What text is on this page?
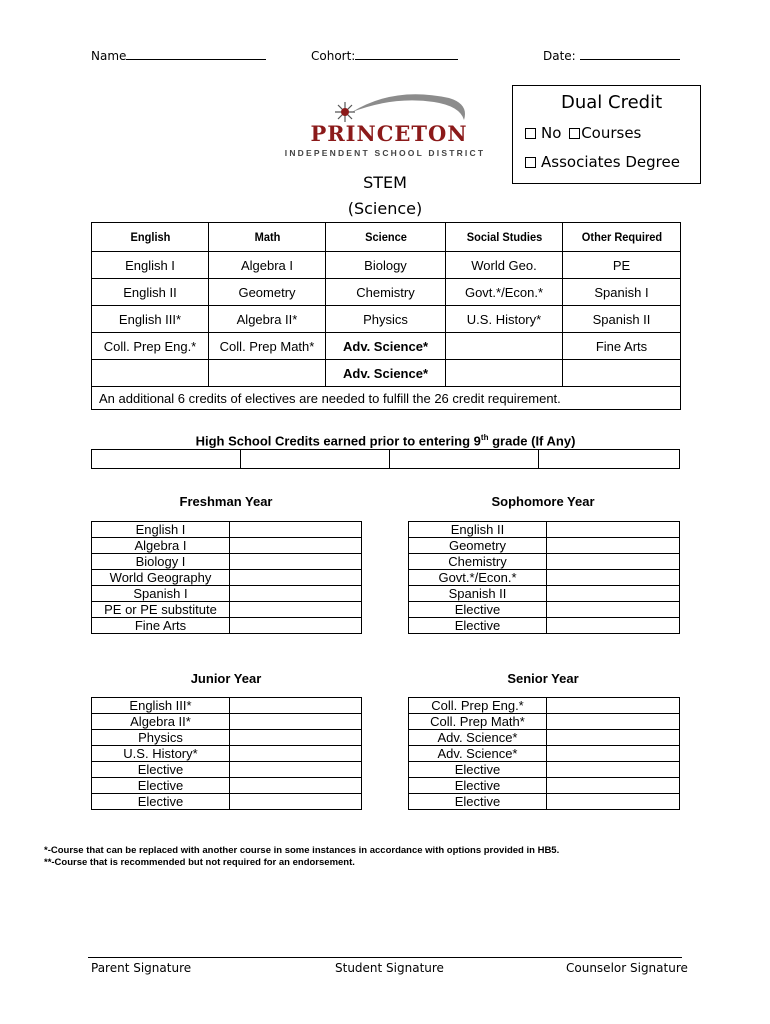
Name	Cohort:	Date:
PRINCETON
INDEPENDENT SCHOOL DISTRICT
Dual Credit
No Courses
Associates Degree
STEM
(Science)
English	Math	Science	Social Studies	Other Required
English I	Algebra I	Biology	World Geo.	PE
English II	Geometry	Chemistry	Govt.*/Econ.*	Spanish I
English III*	Algebra II*	Physics	U.S. History*	Spanish II
Coll. Prep Eng.*	Coll. Prep Math*	Adv. Science*		Fine Arts
		Adv. Science*		
An additional 6 credits of electives are needed to fulfill the 26 credit requirement.				
High School Credits earned prior to entering 9th grade (If Any)

Freshman Year
English I	
Algebra I	
Biology I	
World Geography	
Spanish I	
PE or PE substitute	
Fine Arts	
Sophomore Year
English II	
Geometry	
Chemistry	
Govt.*/Econ.*	
Spanish II	
Elective	
Elective	
Junior Year
English III*	
Algebra II*	
Physics	
U.S. History*	
Elective	
Elective	
Elective	
Senior Year
Coll. Prep Eng.*	
Coll. Prep Math*	
Adv. Science*	
Adv. Science*	
Elective	
Elective	
Elective	
*-Course that can be replaced with another course in some instances in accordance with options provided in HB5.
**-Course that is recommended but not required for an endorsement.
Parent Signature	Student Signature	Counselor Signature
